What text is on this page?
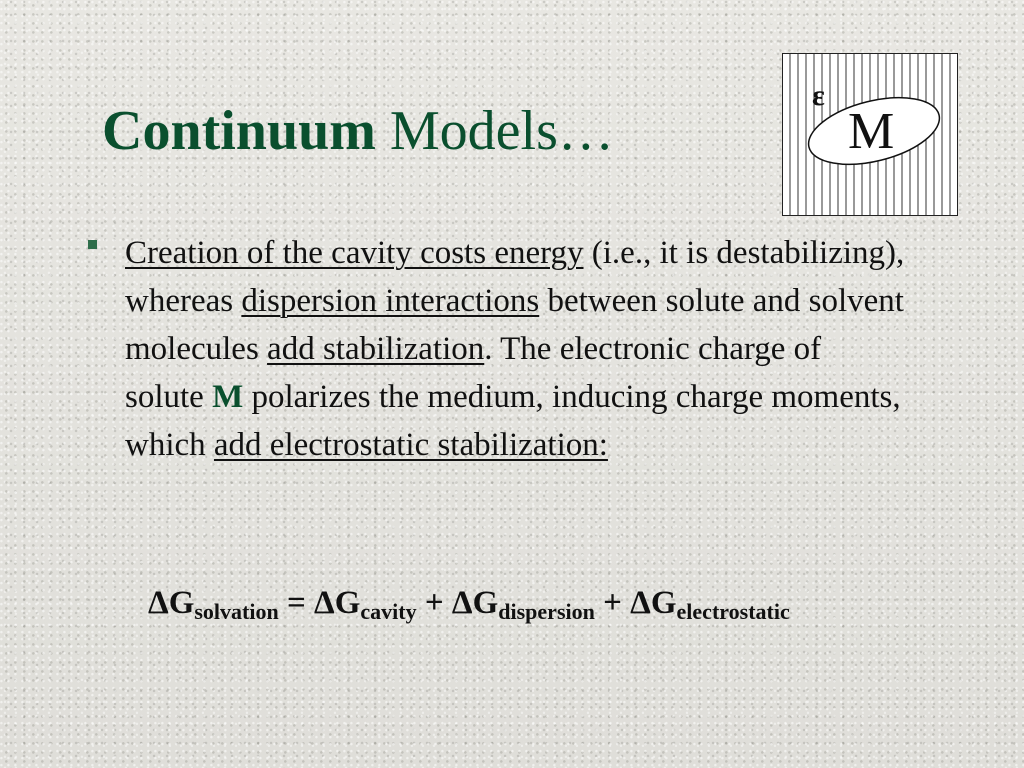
Continuum Models…
ε
M

Creation of the cavity costs energy (i.e., it is destabilizing), whereas dispersion interactions between solute and solvent molecules add stabilization. The electronic charge of solute M polarizes the medium, inducing charge moments, which add electrostatic stabilization:

$\Delta G_{solvation} = \Delta G_{cavity} + \Delta G_{dispersion} + \Delta G_{electrostatic}$
